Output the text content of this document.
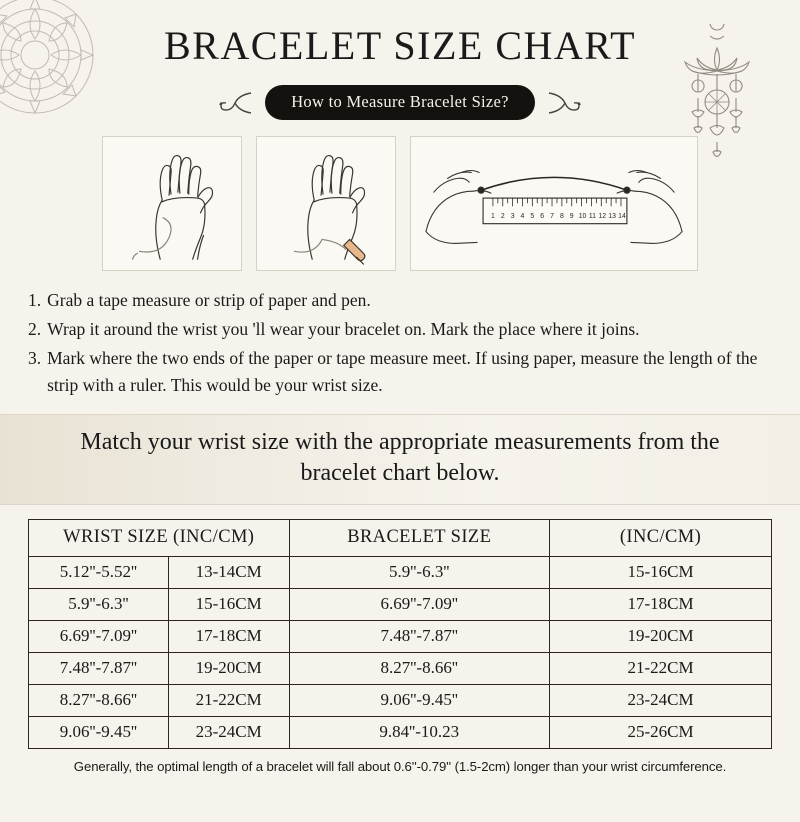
BRACELET SIZE CHART
How to Measure Bracelet Size?
1 2 3 4 5 6 7 8 9 10 11 12 13 14
1. Grab a tape measure or strip of paper and pen.
2. Wrap it around the wrist you 'll wear your bracelet on. Mark the place where it joins.
3. Mark where the two ends of the paper or tape measure meet. If using paper, measure the length of the strip with a ruler. This would be your wrist size.
Match your wrist size with the appropriate measurements from the bracelet chart below.
WRIST SIZE (INC/CM)		BRACELET SIZE	(INC/CM)
5.12''-5.52''	13-14CM	5.9''-6.3''	15-16CM
5.9''-6.3''	15-16CM	6.69''-7.09''	17-18CM
6.69''-7.09''	17-18CM	7.48''-7.87''	19-20CM
7.48''-7.87''	19-20CM	8.27''-8.66''	21-22CM
8.27''-8.66''	21-22CM	9.06''-9.45''	23-24CM
9.06''-9.45''	23-24CM	9.84''-10.23	25-26CM
Generally, the optimal length of a bracelet will fall about 0.6''-0.79'' (1.5-2cm) longer than your wrist circumference.
